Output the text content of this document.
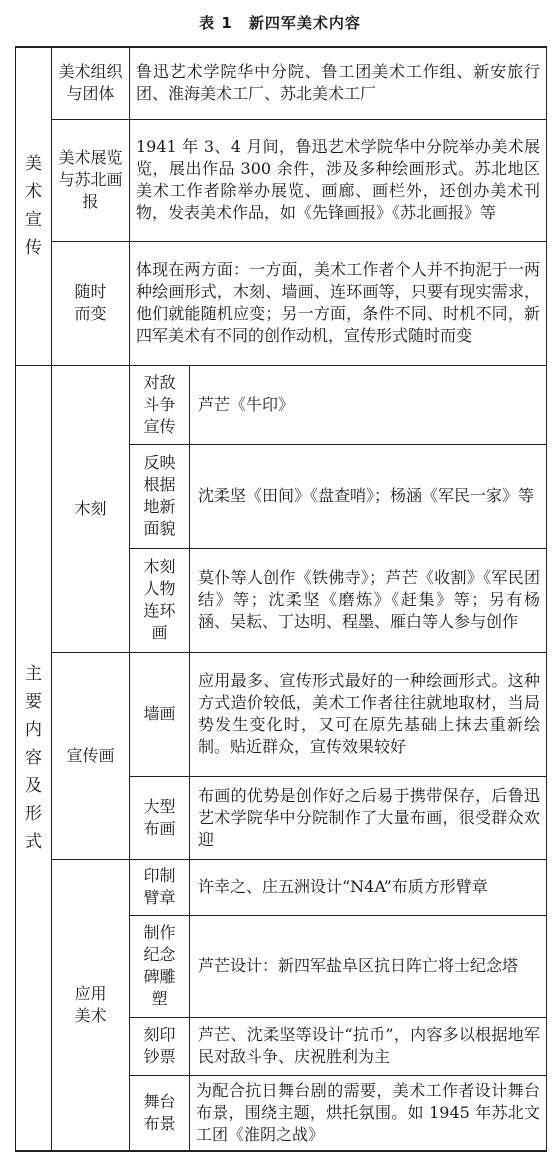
表 1　新四军美术内容
美术宣传	美术组织与团体	鲁迅艺术学院华中分院、鲁工团美术工作组、新安旅行团、淮海美术工厂、苏北美术工厂	
	美术展览与苏北画报	1941 年 3、4 月间，鲁迅艺术学院华中分院举办美术展览，展出作品 300 余件，涉及多种绘画形式。苏北地区美术工作者除举办展览、画廊、画栏外，还创办美术刊物，发表美术作品，如《先锋画报》《苏北画报》等	
	随时而变	体现在两方面：一方面，美术工作者个人并不拘泥于一两种绘画形式，木刻、墙画、连环画等，只要有现实需求，他们就能随机应变；另一方面，条件不同、时机不同，新四军美术有不同的创作动机，宣传形式随时而变	
主要内容及形式	木刻	对敌斗争宣传	芦芒《牛印》
		反映根据地新面貌	沈柔坚《田间》《盘查哨》；杨涵《军民一家》等
		木刻人物连环画	莫仆等人创作《铁佛寺》；芦芒《收割》《军民团结》等；沈柔坚《磨炼》《赶集》等；另有杨涵、吴耘、丁达明、程墨、雁白等人参与创作
	宣传画	墙画	应用最多、宣传形式最好的一种绘画形式。这种方式造价较低，美术工作者往往就地取材，当局势发生变化时，又可在原先基础上抹去重新绘制。贴近群众，宣传效果较好
		大型布画	布画的优势是创作好之后易于携带保存，后鲁迅艺术学院华中分院制作了大量布画，很受群众欢迎
	应用美术	印制臂章	许幸之、庄五洲设计“N4A”布质方形臂章
		制作纪念碑雕塑	芦芒设计：新四军盐阜区抗日阵亡将士纪念塔
		刻印钞票	芦芒、沈柔坚等设计“抗币”，内容多以根据地军民对敌斗争、庆祝胜利为主
		舞台布景	为配合抗日舞台剧的需要，美术工作者设计舞台布景，围绕主题，烘托氛围。如 1945 年苏北文工团《淮阴之战》
